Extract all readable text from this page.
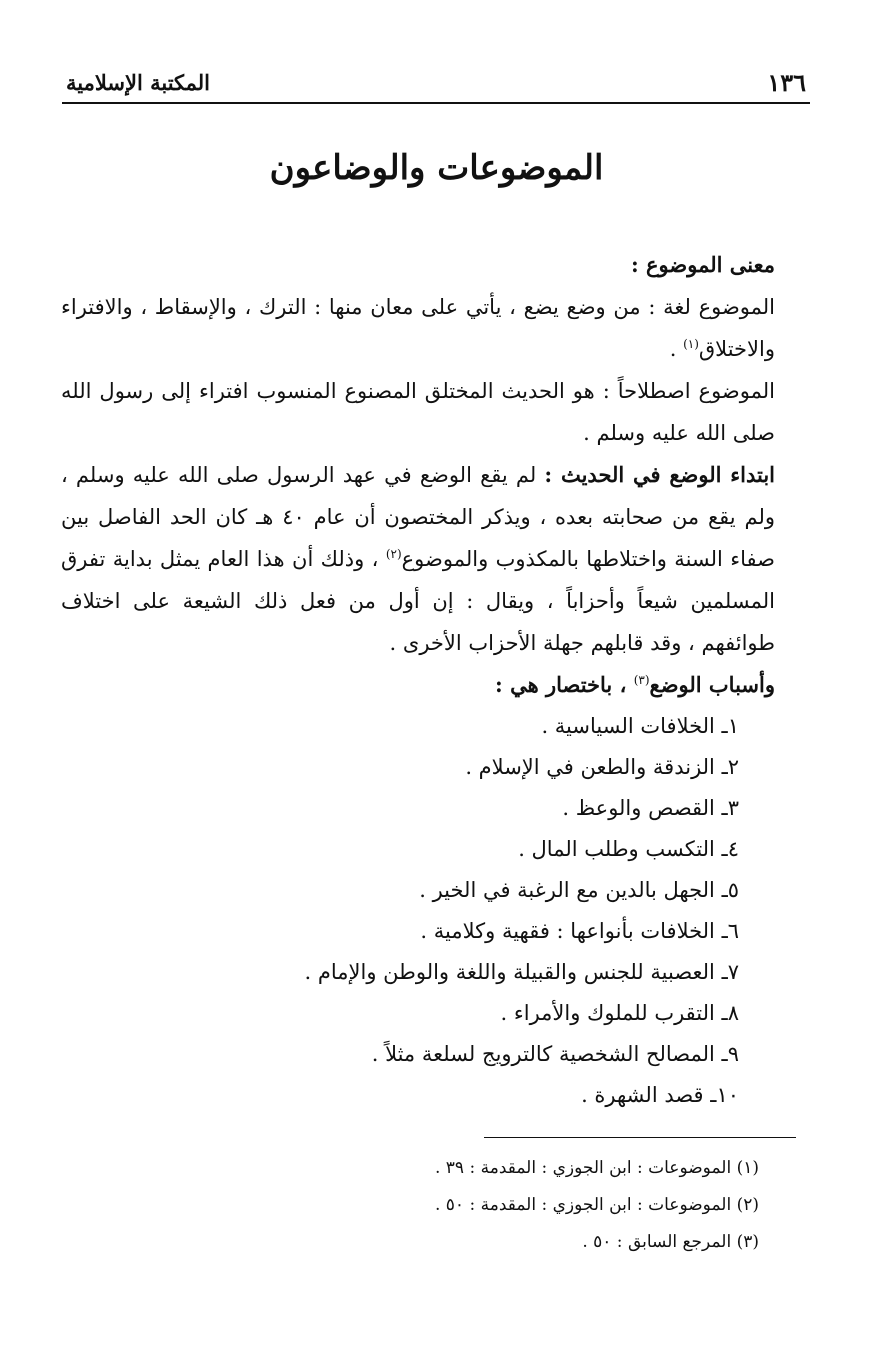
١٣٦
المكتبة الإسلامية
الموضوعات والوضاعون

معنى الموضوع :

الموضوع لغة : من وضع يضع ، يأتي على معان منها : الترك ، والإسقاط ، والافتراء والاختلاق$^{(١)}$ .

الموضوع اصطلاحاً : هو الحديث المختلق المصنوع المنسوب افتراء إلى رسول الله صلى الله عليه وسلم .

ابتداء الوضع في الحديث : لم يقع الوضع في عهد الرسول صلى الله عليه وسلم ، ولم يقع من صحابته بعده ، ويذكر المختصون أن عام ٤٠ هـ كان الحد الفاصل بين صفاء السنة واختلاطها بالمكذوب والموضوع$^{(٢)}$ ، وذلك أن هذا العام يمثل بداية تفرق المسلمين شيعاً وأحزاباً ، ويقال : إن أول من فعل ذلك الشيعة على اختلاف طوائفهم ، وقد قابلهم جهلة الأحزاب الأخرى .

وأسباب الوضع$^{(٣)}$ ، باختصار هي :

١ـ الخلافات السياسية .
٢ـ الزندقة والطعن في الإسلام .
٣ـ القصص والوعظ .
٤ـ التكسب وطلب المال .
٥ـ الجهل بالدين مع الرغبة في الخير .
٦ـ الخلافات بأنواعها : فقهية وكلامية .
٧ـ العصبية للجنس والقبيلة واللغة والوطن والإمام .
٨ـ التقرب للملوك والأمراء .
٩ـ المصالح الشخصية كالترويج لسلعة مثلاً .
١٠ـ قصد الشهرة .
(١) الموضوعات : ابن الجوزي : المقدمة : ٣٩ .
(٢) الموضوعات : ابن الجوزي : المقدمة : ٥٠ .
(٣) المرجع السابق : ٥٠ .
